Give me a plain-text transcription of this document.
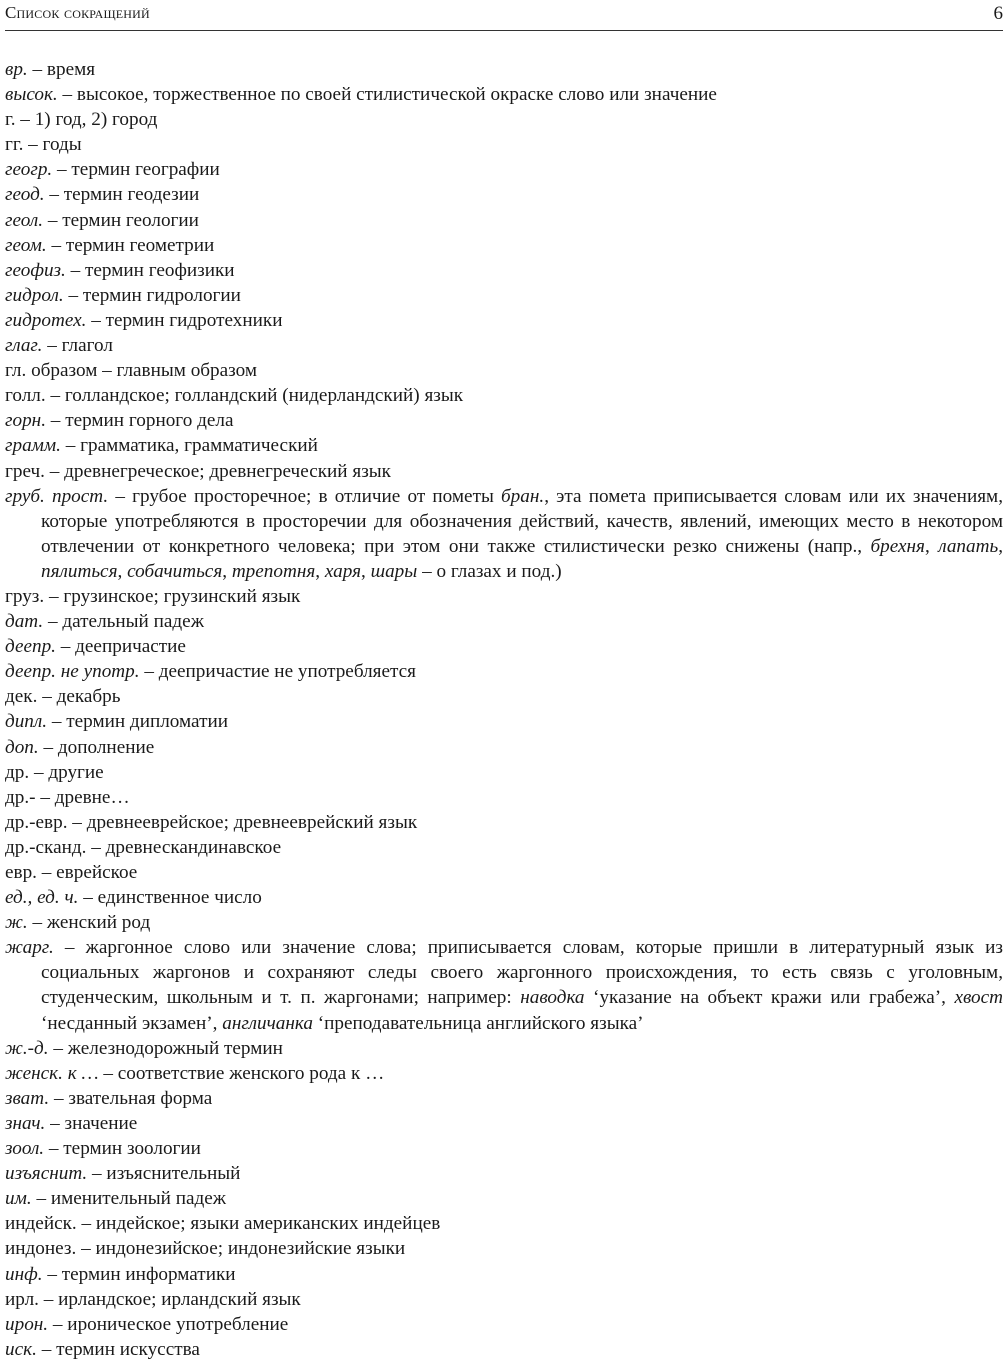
Список сокращений	6
вр. – время
высок. – высокое, торжественное по своей стилистической окраске слово или значение
г. – 1) год, 2) город
гг. – годы
геогр. – термин географии
геод. – термин геодезии
геол. – термин геологии
геом. – термин геометрии
геофиз. – термин геофизики
гидрол. – термин гидрологии
гидротех. – термин гидротехники
глаг. – глагол
гл. образом – главным образом
голл. – голландское; голландский (нидерландский) язык
горн. – термин горного дела
грамм. – грамматика, грамматический
греч. – древнегреческое; древнегреческий язык
груб. прост. – грубое просторечное; в отличие от пометы бран., эта помета приписывается словам или их значениям, которые употребляются в просторечии для обозначения действий, качеств, явлений, имеющих место в некотором отвлечении от конкретного человека; при этом они также стилистически резко снижены (напр., брехня, лапать, пялиться, собачиться, трепотня, харя, шары – о глазах и под.)
груз. – грузинское; грузинский язык
дат. – дательный падеж
деепр. – деепричастие
деепр. не употр. – деепричастие не употребляется
дек. – декабрь
дипл. – термин дипломатии
доп. – дополнение
др. – другие
др.- – древне…
др.-евр. – древнееврейское; древнееврейский язык
др.-сканд. – древнескандинавское
евр. – еврейское
ед., ед. ч. – единственное число
ж. – женский род
жарг. – жаргонное слово или значение слова; приписывается словам, которые пришли в литературный язык из социальных жаргонов и сохраняют следы своего жаргонного происхождения, то есть связь с уголовным, студенческим, школьным и т. п. жаргонами; например: наводка ‘указание на объект кражи или грабежа’, хвост ‘несданный экзамен’, англичанка ‘преподавательница английского языка’
ж.-д. – железнодорожный термин
женск. к … – соответствие женского рода к …
зват. – звательная форма
знач. – значение
зоол. – термин зоологии
изъяснит. – изъяснительный
им. – именительный падеж
индейск. – индейское; языки американских индейцев
индонез. – индонезийское; индонезийские языки
инф. – термин информатики
ирл. – ирландское; ирландский язык
ирон. – ироническое употребление
иск. – термин искусства
